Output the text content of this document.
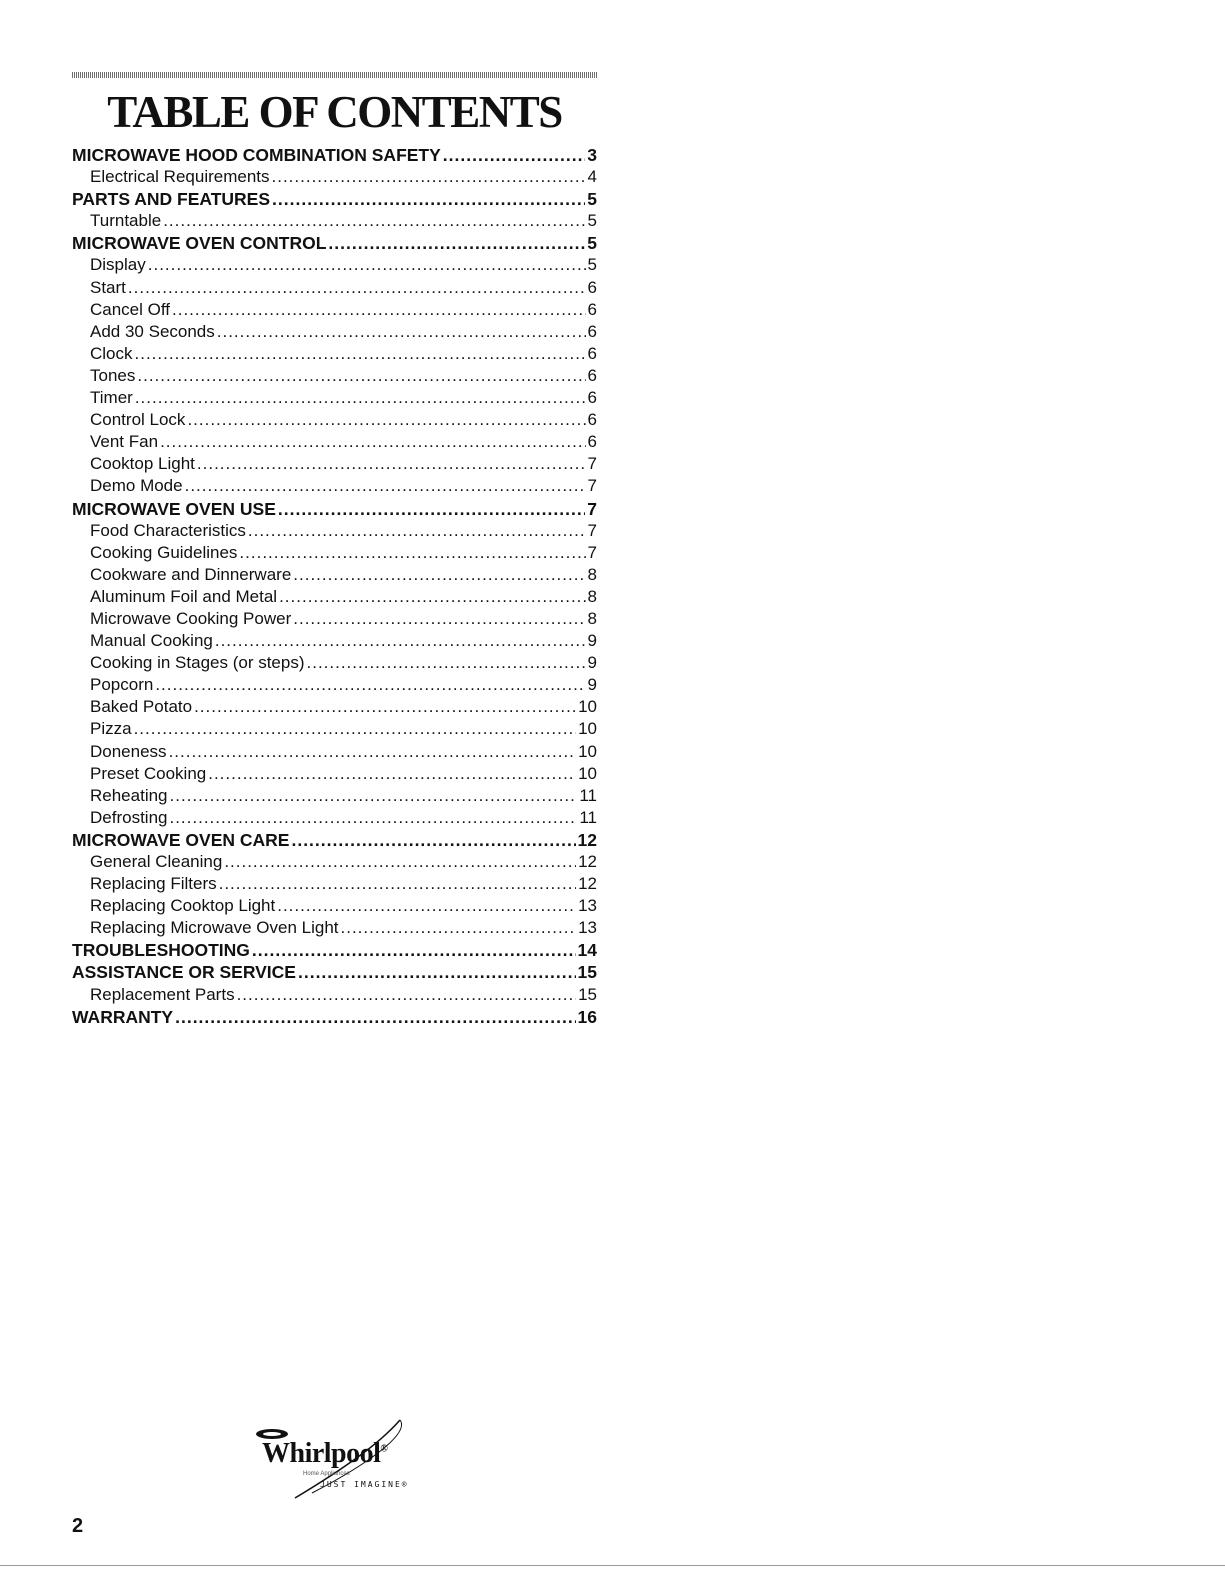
TABLE OF CONTENTS
MICROWAVE HOOD COMBINATION SAFETY .....	3
Electrical Requirements .....	4
PARTS AND FEATURES .....	5
Turntable .....	5
MICROWAVE OVEN CONTROL .....	5
Display .....	5
Start .....	6
Cancel Off .....	6
Add 30 Seconds .....	6
Clock .....	6
Tones .....	6
Timer .....	6
Control Lock .....	6
Vent Fan .....	6
Cooktop Light .....	7
Demo Mode .....	7
MICROWAVE OVEN USE .....	7
Food Characteristics .....	7
Cooking Guidelines .....	7
Cookware and Dinnerware .....	8
Aluminum Foil and Metal .....	8
Microwave Cooking Power .....	8
Manual Cooking .....	9
Cooking in Stages (or steps) .....	9
Popcorn .....	9
Baked Potato .....	10
Pizza .....	10
Doneness .....	10
Preset Cooking .....	10
Reheating .....	11
Defrosting .....	11
MICROWAVE OVEN CARE .....	12
General Cleaning .....	12
Replacing Filters .....	12
Replacing Cooktop Light .....	13
Replacing Microwave Oven Light .....	13
TROUBLESHOOTING .....	14
ASSISTANCE OR SERVICE .....	15
Replacement Parts .....	15
WARRANTY .....	16
Whirlpool®
Home Appliances
JUST IMAGINE®
2
